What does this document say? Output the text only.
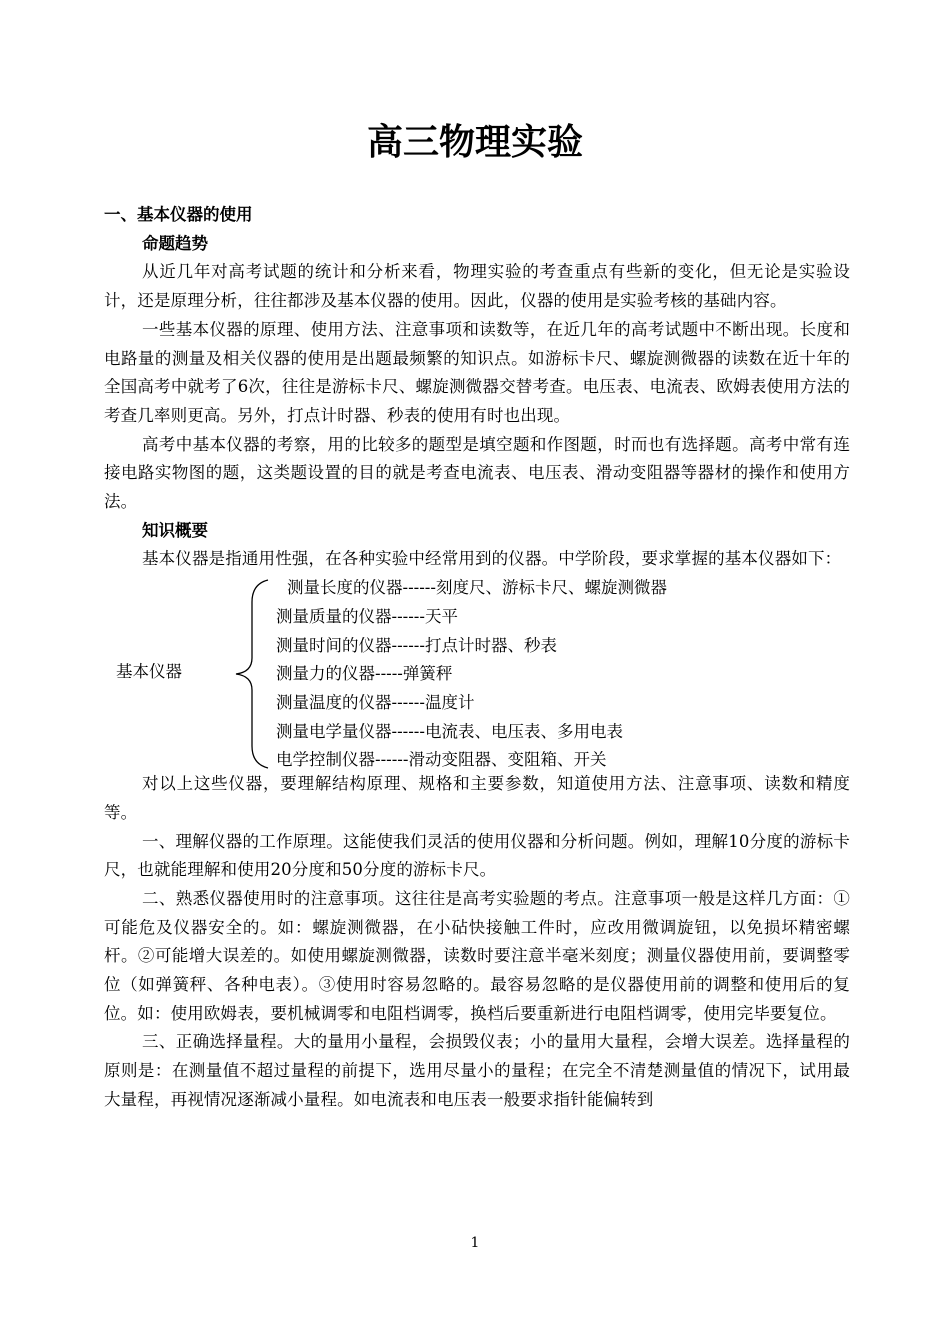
高三物理实验
一、基本仪器的使用
命题趋势

从近几年对高考试题的统计和分析来看，物理实验的考查重点有些新的变化，但无论是实验设计，还是原理分析，往往都涉及基本仪器的使用。因此，仪器的使用是实验考核的基础内容。

一些基本仪器的原理、使用方法、注意事项和读数等，在近几年的高考试题中不断出现。长度和电路量的测量及相关仪器的使用是出题最频繁的知识点。如游标卡尺、螺旋测微器的读数在近十年的全国高考中就考了6次，往往是游标卡尺、螺旋测微器交替考查。电压表、电流表、欧姆表使用方法的考查几率则更高。另外，打点计时器、秒表的使用有时也出现。

高考中基本仪器的考察，用的比较多的题型是填空题和作图题，时而也有选择题。高考中常有连接电路实物图的题，这类题设置的目的就是考查电流表、电压表、滑动变阻器等器材的操作和使用方法。

知识概要

基本仪器是指通用性强，在各种实验中经常用到的仪器。中学阶段，要求掌握的基本仪器如下：

基本仪器
测量长度的仪器------刻度尺、游标卡尺、螺旋测微器
测量质量的仪器------天平
测量时间的仪器------打点计时器、秒表
测量力的仪器-----弹簧秤
测量温度的仪器------温度计
测量电学量仪器------电流表、电压表、多用电表
电学控制仪器------滑动变阻器、变阻箱、开关

对以上这些仪器，要理解结构原理、规格和主要参数，知道使用方法、注意事项、读数和精度等。

一、理解仪器的工作原理。这能使我们灵活的使用仪器和分析问题。例如，理解10分度的游标卡尺，也就能理解和使用20分度和50分度的游标卡尺。

二、熟悉仪器使用时的注意事项。这往往是高考实验题的考点。注意事项一般是这样几方面：①可能危及仪器安全的。如：螺旋测微器，在小砧快接触工件时，应改用微调旋钮，以免损坏精密螺杆。②可能增大误差的。如使用螺旋测微器，读数时要注意半毫米刻度；测量仪器使用前，要调整零位（如弹簧秤、各种电表）。③使用时容易忽略的。最容易忽略的是仪器使用前的调整和使用后的复位。如：使用欧姆表，要机械调零和电阻档调零，换档后要重新进行电阻档调零，使用完毕要复位。

三、正确选择量程。大的量用小量程，会损毁仪表；小的量用大量程，会增大误差。选择量程的原则是：在测量值不超过量程的前提下，选用尽量小的量程；在完全不清楚测量值的情况下，试用最大量程，再视情况逐渐减小量程。如电流表和电压表一般要求指针能偏转到

1
